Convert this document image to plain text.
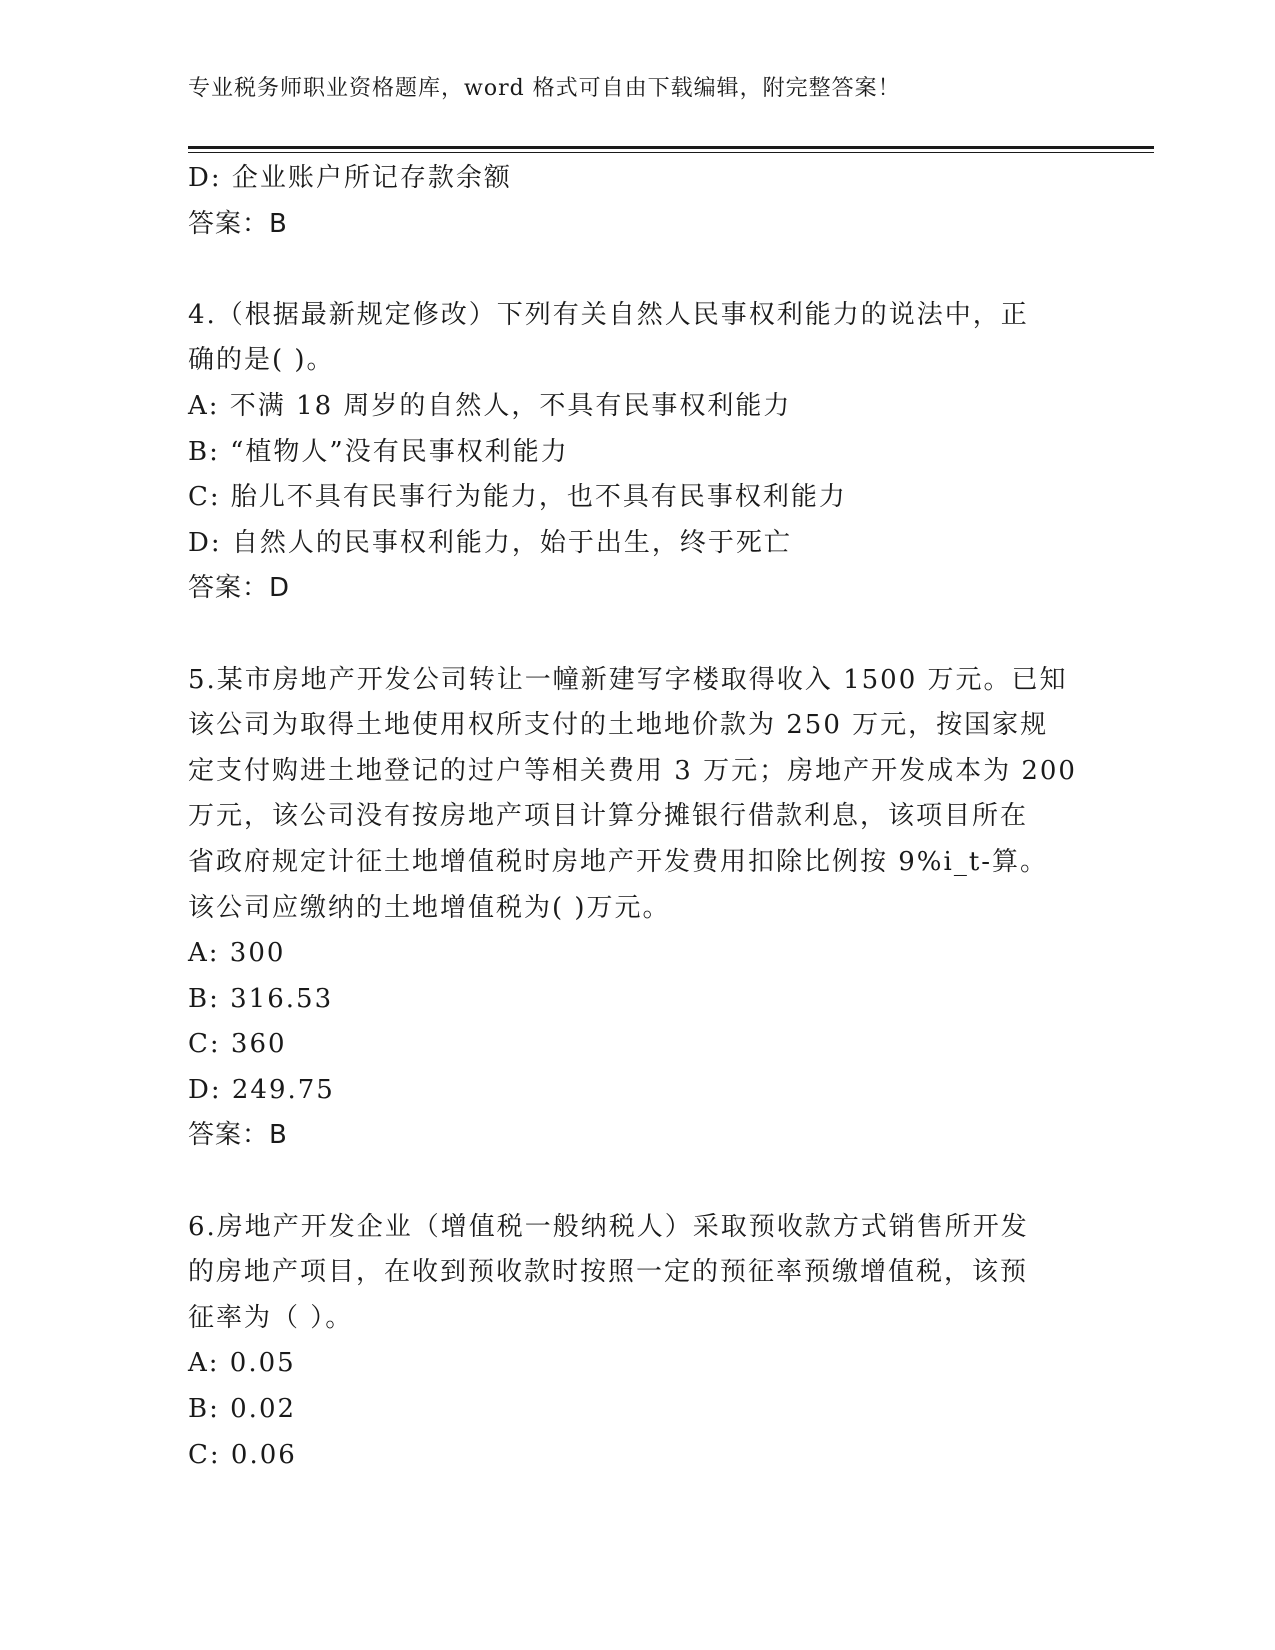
专业税务师职业资格题库，word 格式可自由下载编辑，附完整答案！
D: 企业账户所记存款余额
答案：B
4.（根据最新规定修改）下列有关自然人民事权利能力的说法中，正
确的是( )。
A: 不满 18 周岁的自然人，不具有民事权利能力
B: “植物人”没有民事权利能力
C: 胎儿不具有民事行为能力，也不具有民事权利能力
D: 自然人的民事权利能力，始于出生，终于死亡
答案：D
5.某市房地产开发公司转让一幢新建写字楼取得收入 1500 万元。已知
该公司为取得土地使用权所支付的土地地价款为 250 万元，按国家规
定支付购进土地登记的过户等相关费用 3 万元；房地产开发成本为 200
万元，该公司没有按房地产项目计算分摊银行借款利息，该项目所在
省政府规定计征土地增值税时房地产开发费用扣除比例按 9%i_t-算。
该公司应缴纳的土地增值税为( )万元。
A: 300
B: 316.53
C: 360
D: 249.75
答案：B
6.房地产开发企业（增值税一般纳税人）采取预收款方式销售所开发
的房地产项目，在收到预收款时按照一定的预征率预缴增值税，该预
征率为（ ）。
A: 0.05
B: 0.02
C: 0.06
